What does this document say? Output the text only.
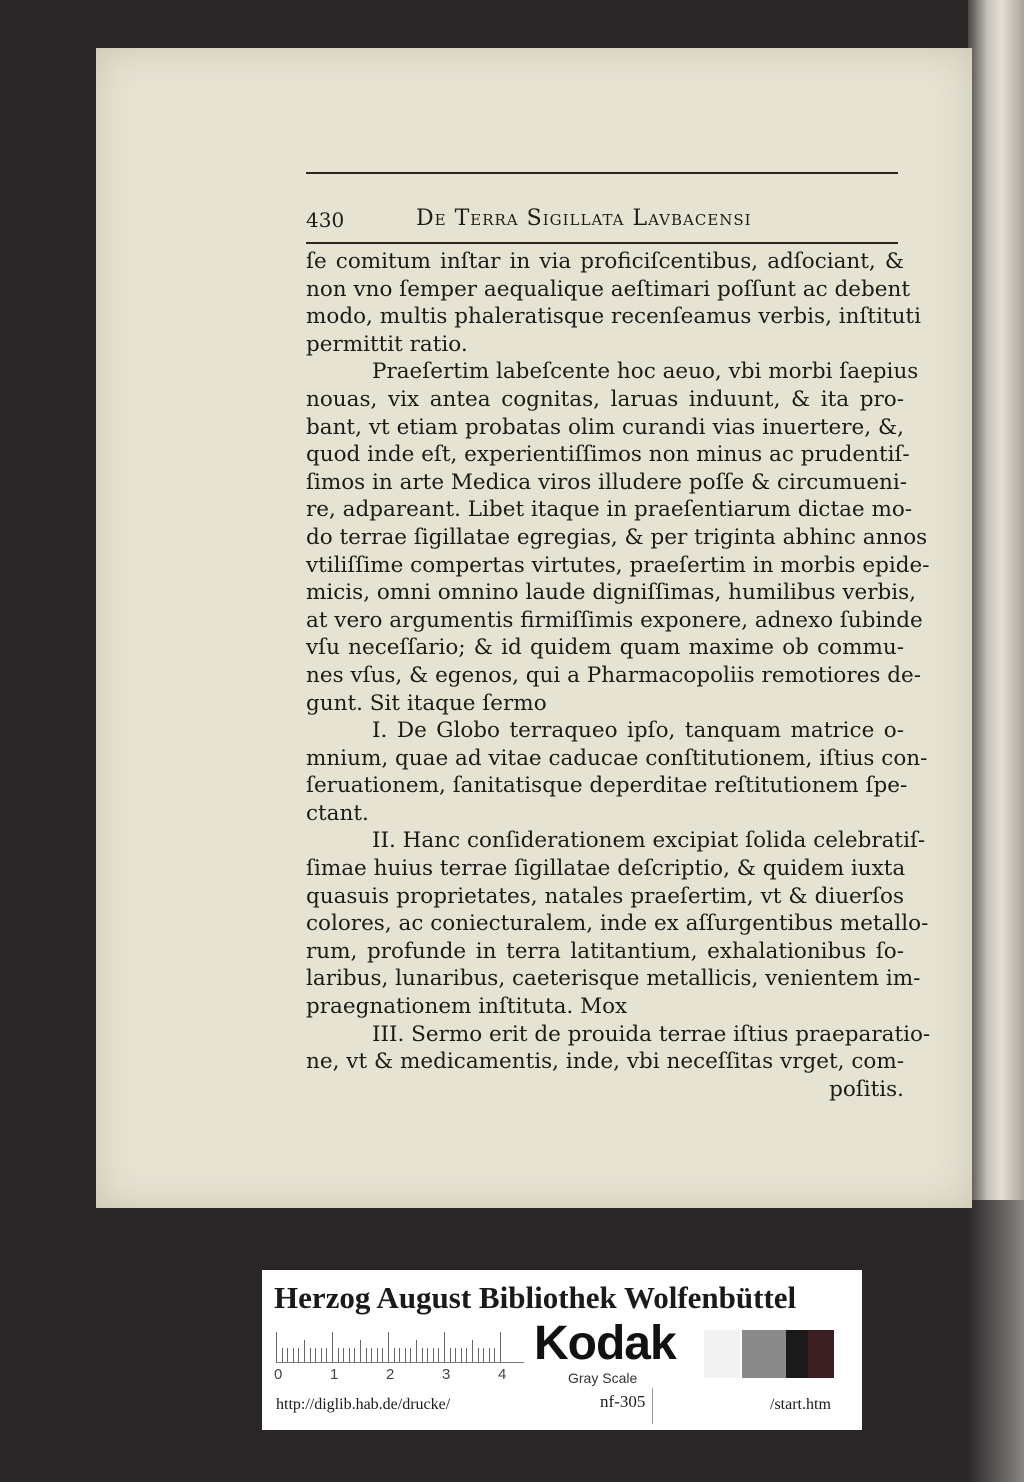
430	De Terra Sigillata Lavbacensi
ſe comitum inſtar in via proficiſcentibus, adſociant, &
non vno ſemper aequalique aeſtimari poſſunt ac debent
modo, multis phaleratisque recenſeamus verbis, inſtituti
permittit ratio.
Praeſertim labeſcente hoc aeuo, vbi morbi ſaepius
nouas, vix antea cognitas, laruas induunt, & ita pro-
bant, vt etiam probatas olim curandi vias inuertere, &,
quod inde eſt, experientiſſimos non minus ac prudentiſ-
ſimos in arte Medica viros illudere poſſe & circumueni-
re, adpareant. Libet itaque in praeſentiarum dictae mo-
do terrae ſigillatae egregias, & per triginta abhinc annos
vtiliſſime compertas virtutes, praeſertim in morbis epide-
micis, omni omnino laude digniſſimas, humilibus verbis,
at vero argumentis firmiſſimis exponere, adnexo ſubinde
vſu neceſſario; & id quidem quam maxime ob commu-
nes vſus, & egenos, qui a Pharmacopoliis remotiores de-
gunt. Sit itaque ſermo
I. De Globo terraqueo ipſo, tanquam matrice o-
mnium, quae ad vitae caducae conſtitutionem, iſtius con-
ſeruationem, ſanitatisque deperditae reſtitutionem ſpe-
ctant.
II. Hanc conſiderationem excipiat ſolida celebratiſ-
ſimae huius terrae ſigillatae deſcriptio, & quidem iuxta
quasuis proprietates, natales praeſertim, vt & diuerſos
colores, ac coniecturalem, inde ex aſſurgentibus metallo-
rum, profunde in terra latitantium, exhalationibus ſo-
laribus, lunaribus, caeterisque metallicis, venientem im-
praegnationem inſtituta. Mox
III. Sermo erit de prouida terrae iſtius praeparatio-
ne, vt & medicamentis, inde, vbi neceſſitas vrget, com-
poſitis.
Herzog August Bibliothek Wolfenbüttel
0	1	2	3	4
Kodak
Gray Scale
http://diglib.hab.de/drucke/	nf-305	/start.htm
